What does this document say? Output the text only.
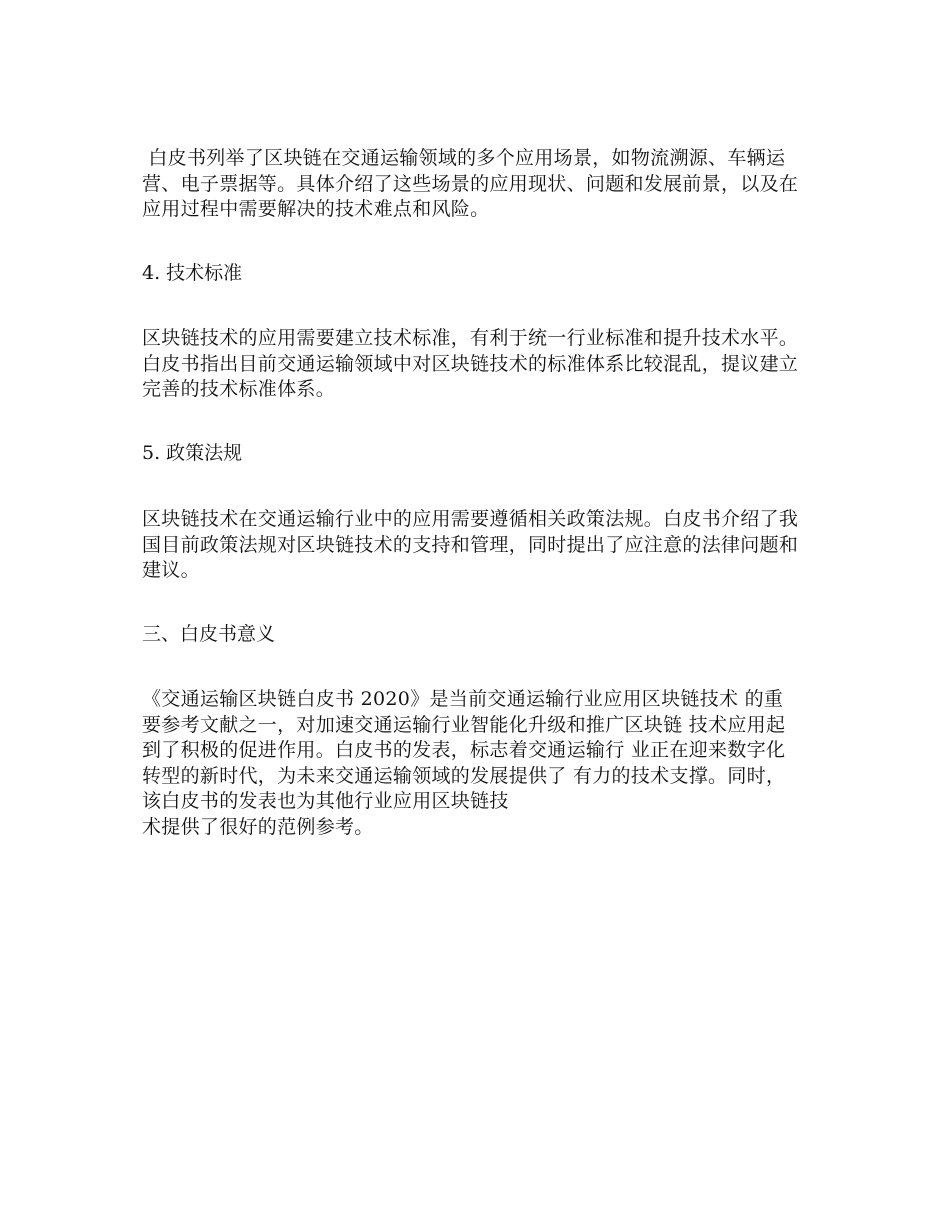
白皮书列举了区块链在交通运输领域的多个应用场景，如物流溯源、车辆运营、电子票据等。具体介绍了这些场景的应用现状、问题和发展前景，以及在应用过程中需要解决的技术难点和风险。

4. 技术标准

区块链技术的应用需要建立技术标准，有利于统一行业标准和提升技术水平。白皮书指出目前交通运输领域中对区块链技术的标准体系比较混乱，提议建立完善的技术标准体系。

5. 政策法规

区块链技术在交通运输行业中的应用需要遵循相关政策法规。白皮书介绍了我国目前政策法规对区块链技术的支持和管理，同时提出了应注意的法律问题和建议。

三、白皮书意义

《交通运输区块链白皮书 2020》是当前交通运输行业应用区块链技术 的重要参考文献之一，对加速交通运输行业智能化升级和推广区块链 技术应用起到了积极的促进作用。白皮书的发表，标志着交通运输行 业正在迎来数字化转型的新时代，为未来交通运输领域的发展提供了 有力的技术支撑。同时， 该白皮书的发表也为其他行业应用区块链技
术提供了很好的范例参考。
